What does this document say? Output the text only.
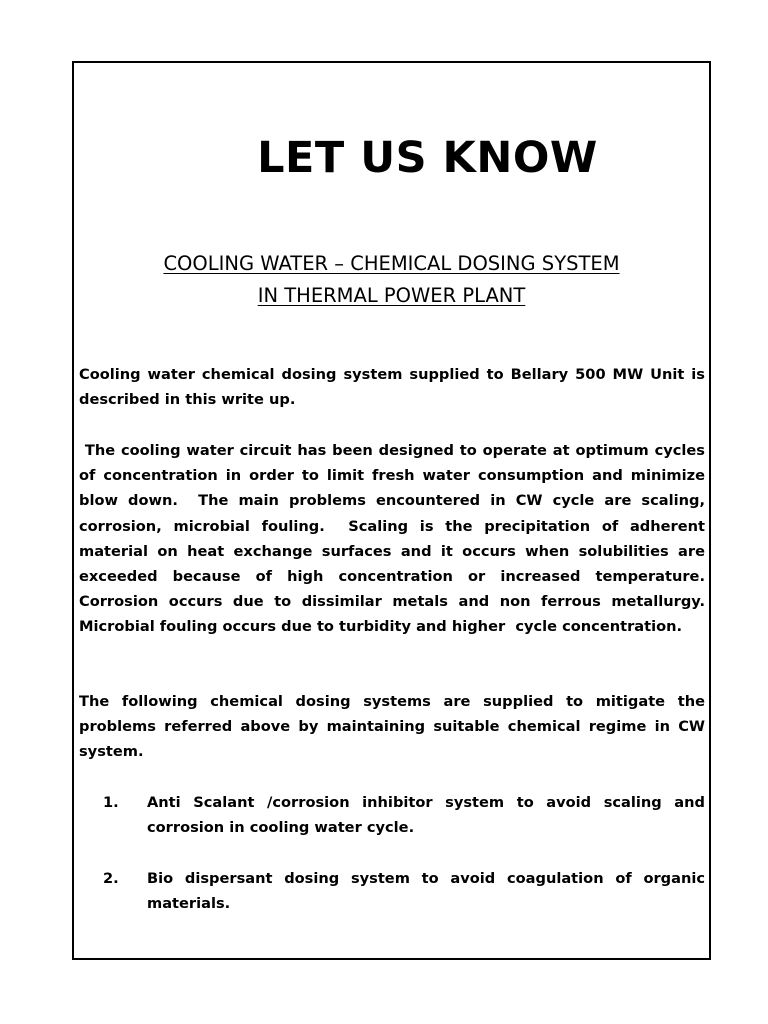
LET US KNOW

COOLING WATER – CHEMICAL DOSING SYSTEM

IN THERMAL POWER PLANT

Cooling water chemical dosing system supplied to Bellary 500 MW Unit is described in this write up.

The cooling water circuit has been designed to operate at optimum cycles of concentration in order to limit fresh water consumption and minimize blow down.  The main problems encountered in CW cycle are scaling, corrosion, microbial fouling.  Scaling is the precipitation of adherent material on heat exchange surfaces and it occurs when solubilities are  exceeded because of high concentration or increased temperature.  Corrosion occurs due to dissimilar metals and non ferrous metallurgy.  Microbial fouling occurs due to turbidity and higher  cycle concentration.

The following chemical dosing systems are supplied to mitigate the problems referred above by maintaining suitable chemical regime in CW system.

1. Anti Scalant /corrosion inhibitor system to avoid scaling and corrosion in cooling water cycle.
2. Bio dispersant dosing system to avoid coagulation of organic materials.
